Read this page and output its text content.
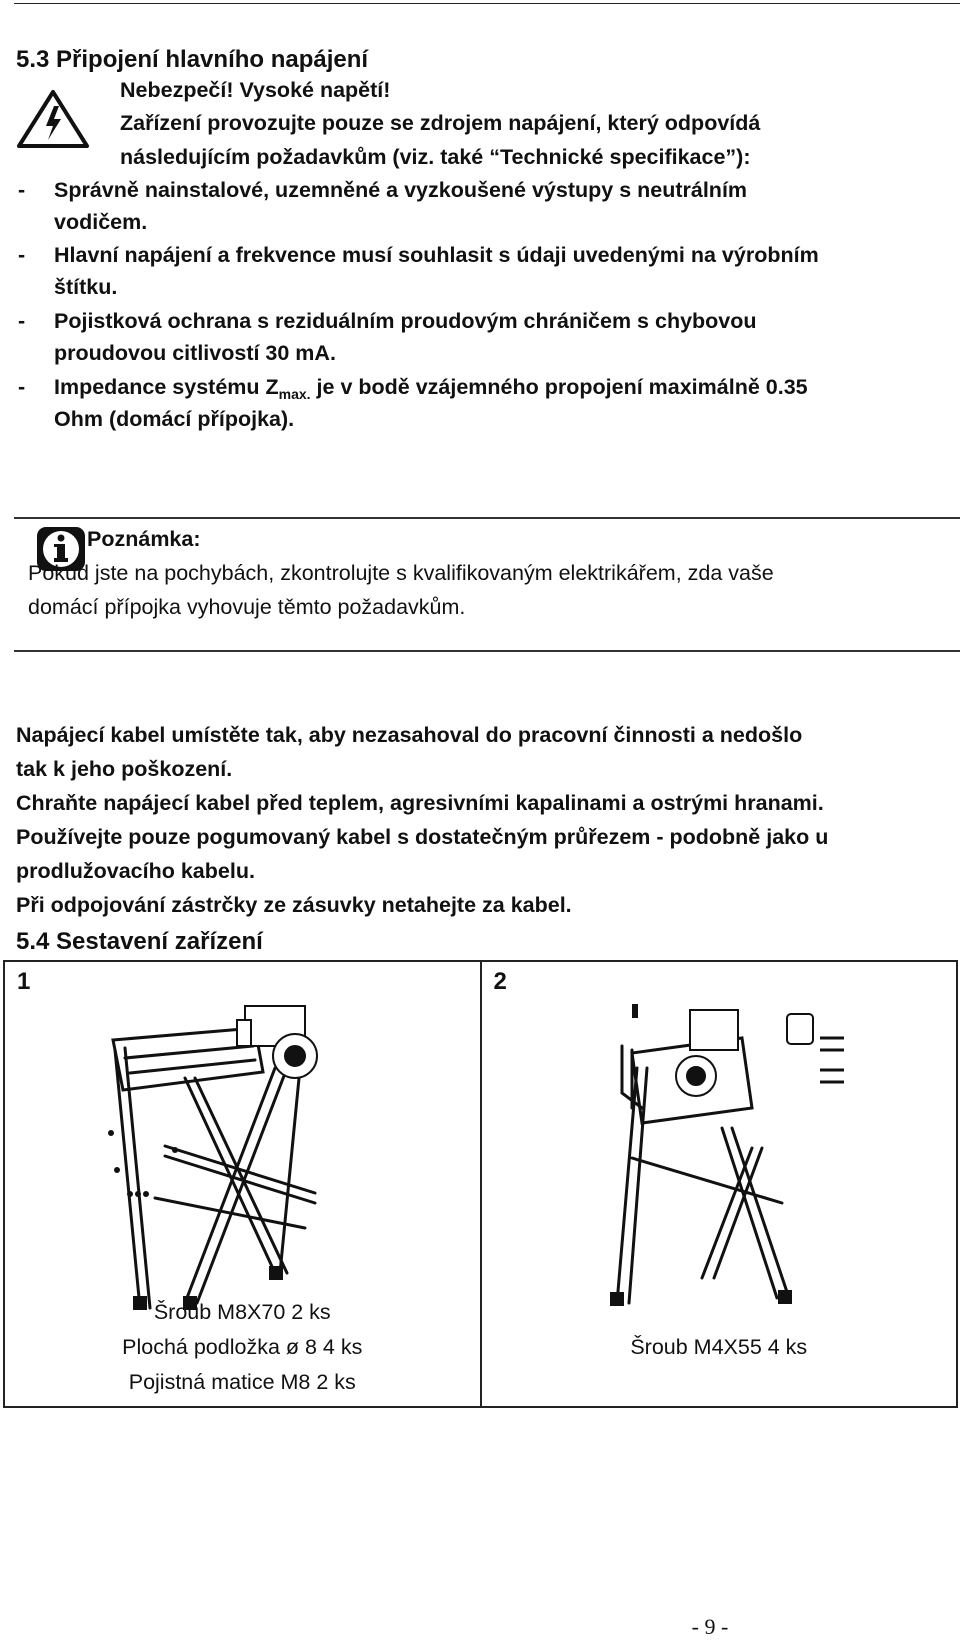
5.3 Připojení hlavního napájení
Nebezpečí! Vysoké napětí!
Zařízení provozujte pouze se zdrojem napájení, který odpovídá
následujícím požadavkům (viz. také “Technické specifikace”):
- Správně nainstalové, uzemněné a vyzkoušené výstupy s neutrálním
vodičem.
- Hlavní napájení a frekvence musí souhlasit s údaji uvedenými na výrobním
štítku.
- Pojistková ochrana s reziduálním proudovým chráničem s chybovou
proudovou citlivostí 30 mA.
- Impedance systému $Z_{max.}$ je v bodě vzájemného propojení maximálně 0.35
Ohm (domácí přípojka).
Poznámka:
Pokud jste na pochybách, zkontrolujte s kvalifikovaným elektrikářem, zda vaše
domácí přípojka vyhovuje těmto požadavkům.
Napájecí kabel umístěte tak, aby nezasahoval do pracovní činnosti a nedošlo
tak k jeho poškození.
Chraňte napájecí kabel před teplem, agresivními kapalinami a ostrými hranami.
Používejte pouze pogumovaný kabel s dostatečným průřezem - podobně jako u
prodlužovacího kabelu.
Při odpojování zástrčky ze zásuvky netahejte za kabel.
5.4 Sestavení zařízení
1
Šroub M8X70 2 ks
Plochá podložka ø 8 4 ks
Pojistná matice M8 2 ks

2
Šroub M4X55 4 ks
- 9 -
